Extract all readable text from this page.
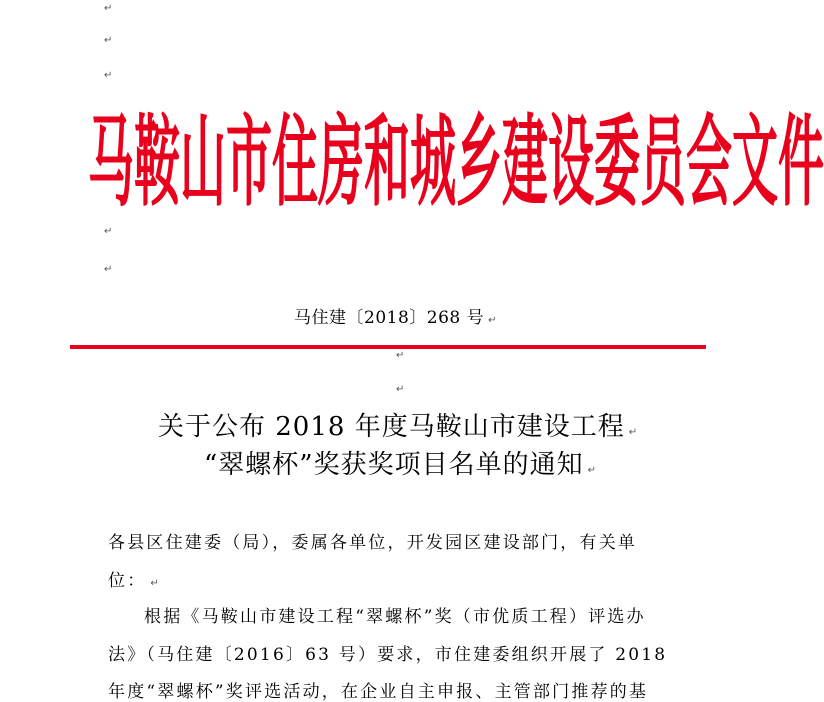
↵
↵
↵
↵
↵
马鞍山市住房和城乡建设委员会文件
马住建〔2018〕268 号 ↵
↵
↵
关于公布 2018 年度马鞍山市建设工程 ↵
“翠螺杯”奖获奖项目名单的通知 ↵
各县区住建委（局），委属各单位，开发园区建设部门，有关单
位： ↵
根据《马鞍山市建设工程“翠螺杯”奖（市优质工程）评选办
法》（马住建〔2016〕63 号）要求，市住建委组织开展了 2018
年度“翠螺杯”奖评选活动，在企业自主申报、主管部门推荐的基
